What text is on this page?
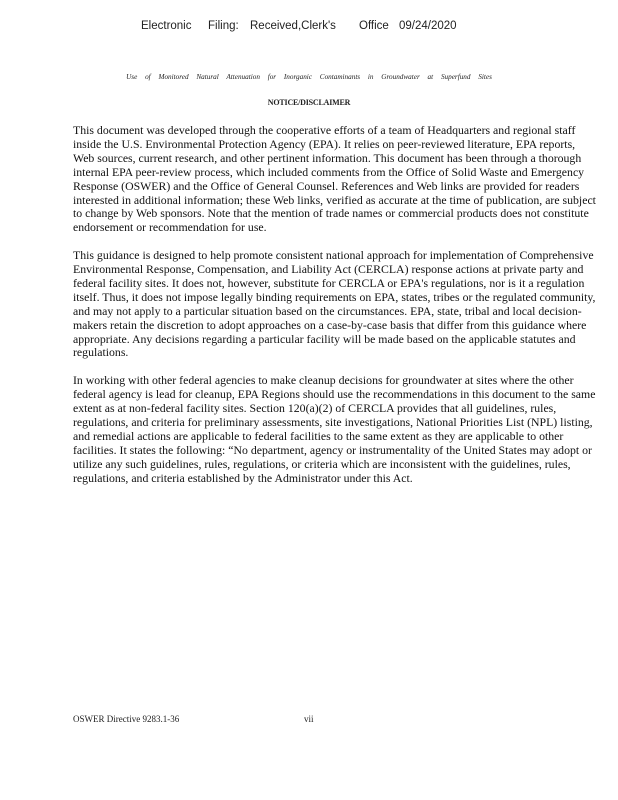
Electronic Filing: Received,Clerk's Office 09/24/2020
Use of Monitored Natural Attenuation for Inorganic Contaminants in Groundwater at Superfund Sites
NOTICE/DISCLAIMER

This document was developed through the cooperative efforts of a team of Headquarters and regional staff inside the U.S. Environmental Protection Agency (EPA). It relies on peer-reviewed literature, EPA reports, Web sources, current research, and other pertinent information. This document has been through a thorough internal EPA peer-review process, which included comments from the Office of Solid Waste and Emergency Response (OSWER) and the Office of General Counsel. References and Web links are provided for readers interested in additional information; these Web links, verified as accurate at the time of publication, are subject to change by Web sponsors. Note that the mention of trade names or commercial products does not constitute endorsement or recommendation for use.

This guidance is designed to help promote consistent national approach for implementation of Comprehensive Environmental Response, Compensation, and Liability Act (CERCLA) response actions at private party and federal facility sites. It does not, however, substitute for CERCLA or EPA's regulations, nor is it a regulation itself. Thus, it does not impose legally binding requirements on EPA, states, tribes or the regulated community, and may not apply to a particular situation based on the circumstances. EPA, state, tribal and local decision-makers retain the discretion to adopt approaches on a case-by-case basis that differ from this guidance where appropriate. Any decisions regarding a particular facility will be made based on the applicable statutes and regulations.

In working with other federal agencies to make cleanup decisions for groundwater at sites where the other federal agency is lead for cleanup, EPA Regions should use the recommendations in this document to the same extent as at non-federal facility sites. Section 120(a)(2) of CERCLA provides that all guidelines, rules, regulations, and criteria for preliminary assessments, site investigations, National Priorities List (NPL) listing, and remedial actions are applicable to federal facilities to the same extent as they are applicable to other facilities. It states the following: “No department, agency or instrumentality of the United States may adopt or utilize any such guidelines, rules, regulations, or criteria which are inconsistent with the guidelines, rules, regulations, and criteria established by the Administrator under this Act.

OSWER Directive 9283.1-36	vii
